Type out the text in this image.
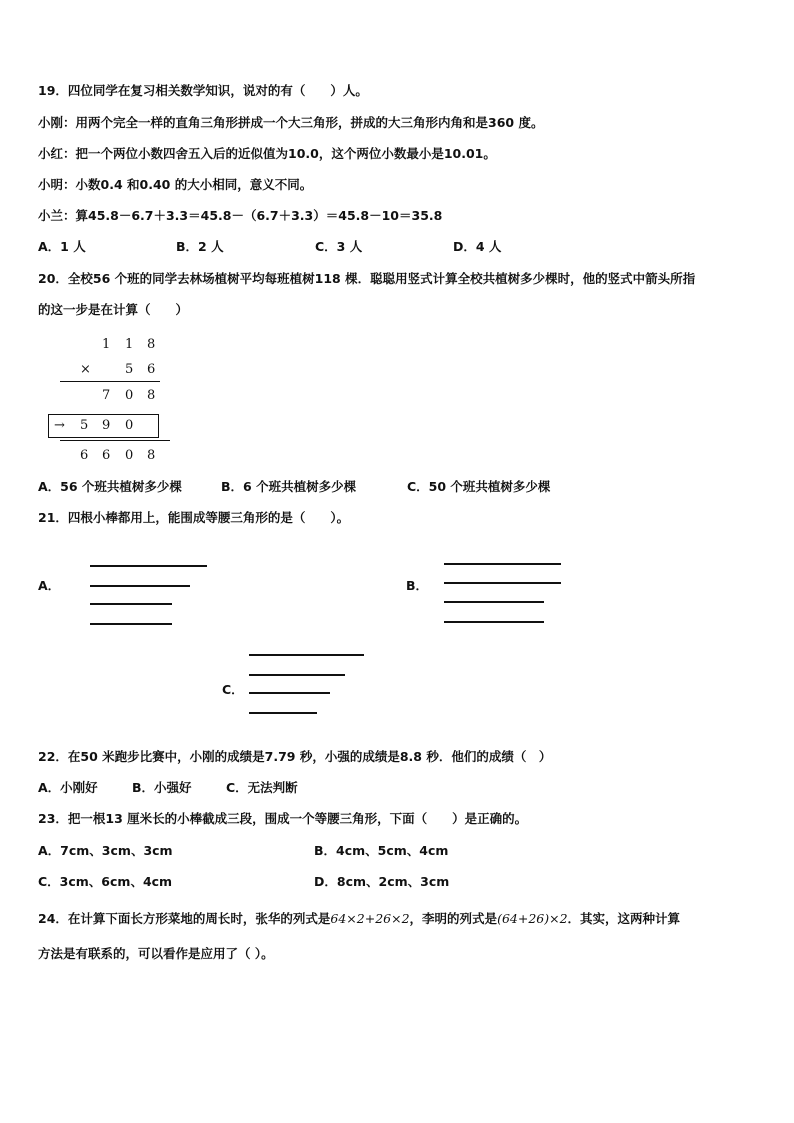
19．四位同学在复习相关数学知识，说对的有（　　）人。
小刚：用两个完全一样的直角三角形拼成一个大三角形，拼成的大三角形内角和是360 度。
小红：把一个两位小数四舍五入后的近似值为10.0，这个两位小数最小是10.01。
小明：小数0.4 和0.40 的大小相同，意义不同。
小兰：算45.8－6.7＋3.3＝45.8－（6.7＋3.3）＝45.8－10＝35.8
A．1 人	B．2 人	C．3 人	D．4 人
20．全校56 个班的同学去林场植树平均每班植树118 棵．聪聪用竖式计算全校共植树多少棵时，他的竖式中箭头所指
的这一步是在计算（　　）
1 1 8
×	5 6
7 0 8
→ 5 9 0
6 6 0 8
A．56 个班共植树多少棵	B．6 个班共植树多少棵	C．50 个班共植树多少棵
21．四根小棒都用上，能围成等腰三角形的是（　　）。
A．	B．
C．
22．在50 米跑步比赛中，小刚的成绩是7.79 秒，小强的成绩是8.8 秒．他们的成绩（　）
A．小刚好	B．小强好	C．无法判断
23．把一根13 厘米长的小棒截成三段，围成一个等腰三角形，下面（　　）是正确的。
A．7cm、3cm、3cm	B．4cm、5cm、4cm
C．3cm、6cm、4cm	D．8cm、2cm、3cm
24．在计算下面长方形菜地的周长时，张华的列式是64×2+26×2，李明的列式是(64+26)×2．其实，这两种计算
方法是有联系的，可以看作是应用了（ ）。
